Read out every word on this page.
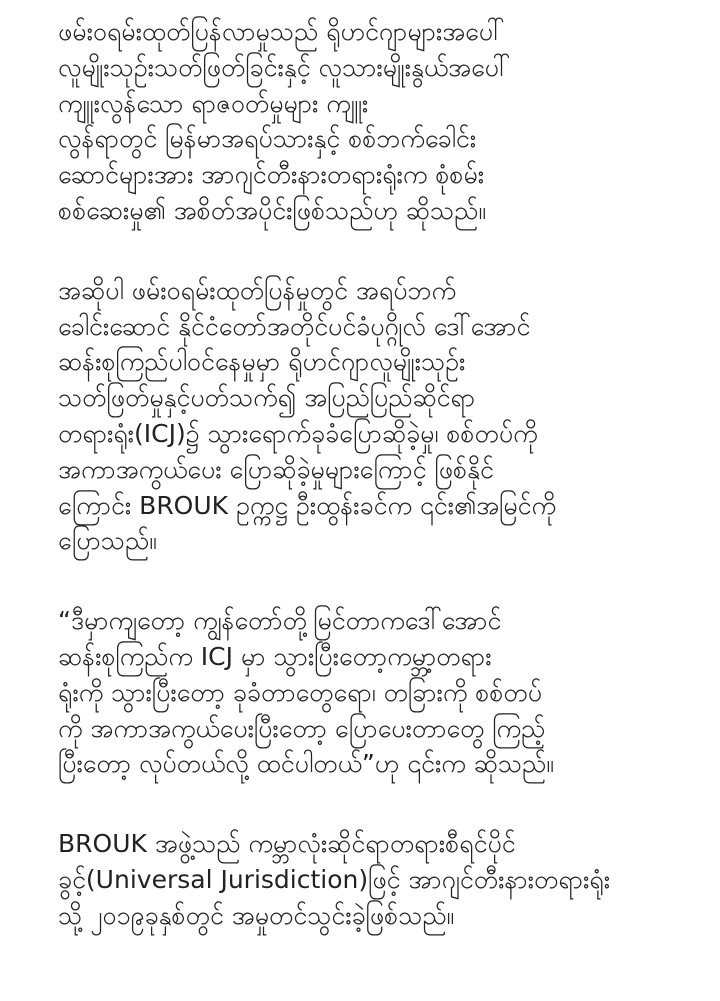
ဖမ်းဝရမ်းထုတ်ပြန်လာမှုသည် ရိုဟင်ဂျာများအပေါ်
လူမျိုးသုဉ်းသတ်ဖြတ်ခြင်းနှင့် လူသားမျိုးနွယ်အပေါ်
ကျူးလွန်သော ရာဇဝတ်မှုများ ကျူး
လွန်ရာတွင် မြန်မာအရပ်သားနှင့် စစ်ဘက်ခေါင်း
ဆောင်များအား အာဂျင်တီးနားတရားရုံးက စုံစမ်း
စစ်ဆေးမှု၏ အစိတ်အပိုင်းဖြစ်သည်ဟု ဆိုသည်။

အဆိုပါ ဖမ်းဝရမ်းထုတ်ပြန်မှုတွင် အရပ်ဘက်
ခေါင်းဆောင် နိုင်ငံတော်အတိုင်ပင်ခံပုဂ္ဂိုလ် ဒေါ်အောင်
ဆန်းစုကြည်ပါဝင်နေမှုမှာ ရိုဟင်ဂျာလူမျိုးသုဉ်း
သတ်ဖြတ်မှုနှင့်ပတ်သက်၍ အပြည်ပြည်ဆိုင်ရာ
တရားရုံး(ICJ)၌ သွားရောက်ခုခံပြောဆိုခဲ့မှု၊ စစ်တပ်ကို
အကာအကွယ်ပေး ပြောဆိုခဲ့မှုများကြောင့် ဖြစ်နိုင်
ကြောင်း BROUK ဥက္ကဋ္ဌ ဦးထွန်းခင်က ၎င်း၏အမြင်ကို
ပြောသည်။

“ဒီမှာကျတော့ ကျွန်တော်တို့မြင်တာကဒေါ်အောင်
ဆန်းစုကြည်က ICJ မှာ သွားပြီးတော့ကမ္ဘာ့တရား
ရုံးကို သွားပြီးတော့ ခုခံတာတွေရော၊ တခြားကို စစ်တပ်
ကို အကာအကွယ်ပေးပြီးတော့ ပြောပေးတာတွေ ကြည့်
ပြီးတော့ လုပ်တယ်လို့ ထင်ပါတယ်”ဟု ၎င်းက ဆိုသည်။

BROUK အဖွဲ့သည် ကမ္ဘာလုံးဆိုင်ရာတရားစီရင်ပိုင်
ခွင့်(Universal Jurisdiction)ဖြင့် အာဂျင်တီးနားတရားရုံး
သို့ ၂၀၁၉ခုနှစ်တွင် အမှုတင်သွင်းခဲ့ဖြစ်သည်။
